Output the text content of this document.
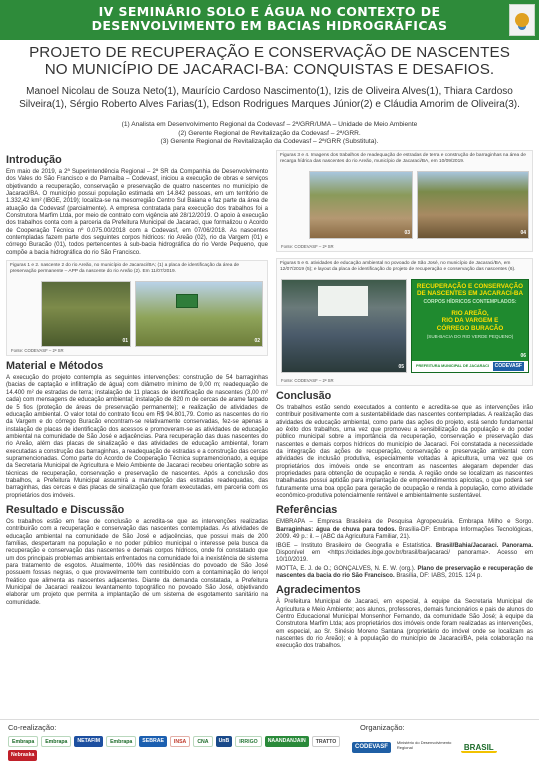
IV SEMINÁRIO SOLO E ÁGUA NO CONTEXTO DE
DESENVOLVIMENTO EM BACIAS HIDROGRÁFICAS
PROJETO DE RECUPERAÇÃO E CONSERVAÇÃO DE NASCENTES
NO MUNICÍPIO DE JACARACI-BA: CONQUISTAS E DESAFIOS.
Manoel Nicolau de Souza Neto(1), Maurício Cardoso Nascimento(1), Izis de Oliveira Alves(1), Thiara Cardoso
Silveira(1), Sérgio Roberto Alves Farias(1), Edson Rodrigues Marques Júnior(2) e Cláudia Amorim de Oliveira(3).
(1) Analista em Desenvolvimento Regional da Codevasf – 2ª/GRR/UMA – Unidade de Meio Ambiente
(2) Gerente Regional de Revitalização da Codevasf – 2ª/GRR.
(3) Gerente Regional de Revitalização da Codevasf – 2ª/GRR (Substituta).
Introdução

Em maio de 2019, a 2ª Superintendência Regional – 2ª SR da Companhia de Desenvolvimento dos Vales do São Francisco e do Parnaíba – Codevasf, iniciou a execução de obras e serviços objetivando a recuperação, conservação e preservação de quatro nascentes no município de Jacaraci/BA. O município possui população estimada em 14.842 pessoas, em um território de 1.332,42 km² (IBGE, 2019); localiza-se na mesorregião Centro Sul Baiana e faz parte da área de atuação da Codevasf (parcialmente). A empresa contratada para execução dos trabalhos foi a Construtora Marfim Ltda, por meio de contrato com vigência até 28/12/2019. O apoio à execução dos trabalhos conta com a parceria da Prefeitura Municipal de Jacaraci, que formalizou o Acordo de Cooperação Técnica nº 0.075.00/2018 com a Codevasf, em 07/06/2018. As nascentes contempladas fazem parte dos seguintes corpos hídricos: rio Areão (02), rio da Vargem (01) e córrego Buracão (01), todos pertencentes à sub-bacia hidrográfica do rio Verde Pequeno, que compõe a bacia hidrográfica do rio São Francisco.

Figuras 1 e 2. nascente 2 do rio Areão, no município de Jacaraci/BA; (1) a placa de identificação da área de preservação permanente – APP da nascente do rio Areão (2). Em 11/07/2019.
01	02
Fonte: CODEVASF – 2ª SR
Material e Métodos

A execução do projeto contempla as seguintes intervenções: construção de 54 barraginhas (bacias de captação e infiltração de água) com diâmetro mínimo de 9,00 m; readequação de 14.400 m² de estradas de terra; instalação de 11 placas de identificação de nascentes (3,00 m² cada) com mensagens de educação ambiental; instalação de 820 m de cercas de arame farpado de 5 fios (proteção de áreas de preservação permanente); e realização de atividades de educação ambiental. O valor total do contrato ficou em R$ 94.801,79. Como as nascentes do rio da Vargem e do córrego Buracão encontram-se relativamente conservadas, fez-se apenas a instalação de placas de identificação dos acessos e promoveram-se as atividades de educação ambiental na comunidade de São José e adjacências. Para recuperação das duas nascentes do rio Areão, além das placas de sinalização e das atividades de educação ambiental, foram executadas a construção das barraginhas, a readequação de estradas e a construção das cercas supramencionadas. Como parte do Acordo de Cooperação Técnica supramencionado, a equipe da Secretaria Municipal de Agricultura e Meio Ambiente de Jacaraci recebeu orientação sobre as técnicas de recuperação, conservação e preservação de nascentes. Após a conclusão dos trabalhos, a Prefeitura Municipal assumirá a manutenção das estradas readequadas, das barraginhas, das cercas e das placas de sinalização que foram executadas, em parceria com os proprietários dos imóveis.

Resultado e Discussão

Os trabalhos estão em fase de conclusão e acredita-se que as intervenções realizadas contribuirão com a recuperação e conservação das nascentes contempladas. As atividades de educação ambiental na comunidade de São José e adjacências, que possui mais de 200 famílias, despertaram na população e no poder público municipal o interesse pela busca da recuperação e conservação das nascentes e demais corpos hídricos, onde foi constatado que um dos principais problemas ambientais enfrentados na comunidade foi a inexistência de sistema para tratamento de esgotos. Atualmente, 100% das residências do povoado de São José possuem fossas negras, o que provavelmente tem contribuído com a contaminação do lençol freático que alimenta as nascentes adjacentes. Diante da demanda constatada, a Prefeitura Municipal de Jacaraci realizou levantamento topográfico no povoado São José, objetivando elaborar um projeto que permita a implantação de um sistema de esgotamento sanitário na comunidade.

Figuras 3 e 4. Imagens dos trabalhos de readequação de estradas de terra e construção de barraginhas na área de recarga hídrica das nascentes do rio Areão, município de Jacaraci/BA, em 10/09/2019.
03	04
Fonte: CODEVASF – 2ª SR
Figuras 5 e 6. atividades de educação ambiental no povoado de São José, no município de Jacaraci/BA, em 12/07/2019 (5); e layout da placa de identificação do projeto de recuperação e conservação das nascentes (6).
05
RECUPERAÇÃO E CONSERVAÇÃO DE NASCENTES EM JACARACI-BA
CORPOS HÍDRICOS CONTEMPLADOS:
RIO AREÃO,
RIO DA VARGEM E
CÓRREGO BURACÃO
(SUB-BACIA DO RIO VERDE PEQUENO)
PREFEITURA MUNICIPAL DE JACARACI	CODEVASF
06
Fonte: CODEVASF – 2ª SR
Conclusão

Os trabalhos estão sendo executados a contento e acredita-se que as intervenções irão contribuir positivamente com a sustentabilidade das nascentes contempladas. A realização das atividades de educação ambiental, como parte das ações do projeto, está sendo fundamental ao êxito dos trabalhos, uma vez que promoveu a sensibilização da população e do poder público municipal sobre a importância da recuperação, conservação e preservação das nascentes e demais corpos hídricos do município de Jacaraci. Foi constatada a necessidade da integração das ações de recuperação, conservação e preservação ambiental com atividades de inclusão produtiva, especialmente voltadas à apicultura, uma vez que os proprietários dos imóveis onde se encontram as nascentes alegaram depender das propriedades para obtenção de ocupação e renda. A região onde se localizam as nascentes trabalhadas possui aptidão para implantação de empreendimentos apícolas, o que poderá ser futuramente uma boa opção para geração de ocupação e renda à população, como atividade econômico-produtiva potencialmente rentável e ambientalmente sustentável.

Referências

EMBRAPA – Empresa Brasileira de Pesquisa Agropecuária. Embrapa Milho e Sorgo. Barraginhas: água de chuva para todos. Brasília-DF: Embrapa Informações Tecnológicas, 2009. 49 p.: il. – (ABC da Agricultura Familiar, 21).

IBGE – Instituto Brasileiro de Geografia e Estatística. Brasil/Bahia/Jacaraci. Panorama. Disponível em <https://cidades.ibge.gov.br/brasil/ba/jacaraci/ panorama>. Acesso em 10/10/2019.

MOTTA, E. J. de O.; GONÇALVES, N. E. W. (org.). Plano de preservação e recuperação de nascentes da bacia do rio São Francisco. Brasília, DF: IABS, 2015. 124 p.

Agradecimentos

À Prefeitura Municipal de Jacaraci, em especial, à equipe da Secretaria Municipal de Agricultura e Meio Ambiente; aos alunos, professores, demais funcionários e pais de alunos do Centro Educacional Municipal Monsenhor Fernando, da comunidade São José; à equipe da Construtora Marfim Ltda; aos proprietários dos imóveis onde foram realizadas as intervenções, em especial, ao Sr. Sinésio Moreno Santana (proprietário do imóvel onde se localizam as nascentes do rio Areão); e à população do município de Jacaraci/BA, pela colaboração na execução dos trabalhos.

Co-realização:	Organização:
Embrapa	Embrapa	NETAFIM	Embrapa	SEBRAE	INSA	CNA	UnB	IRRIGO	NAANDANJAIN	TRATTO
Nebraska
CODEVASF
Ministério do Desenvolvimento Regional	BRASIL
